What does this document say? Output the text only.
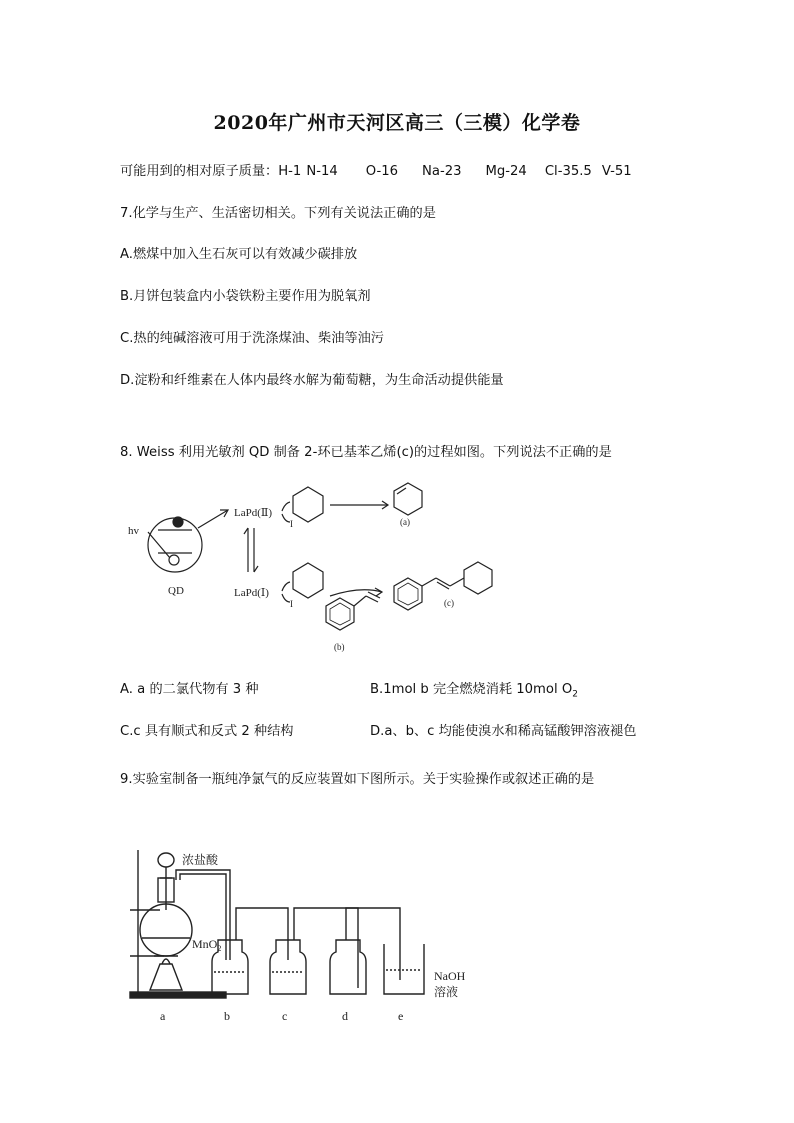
2020年广州市天河区高三（三模）化学卷
可能用到的相对原子质量：H-1 N-14 O-16 Na-23 Mg-24 Cl-35.5 V-51
7.化学与生产、生活密切相关。下列有关说法正确的是
A.燃煤中加入生石灰可以有效减少碳排放
B.月饼包装盒内小袋铁粉主要作用为脱氧剂
C.热的纯碱溶液可用于洗涤煤油、柴油等油污
D.淀粉和纤维素在人体内最终水解为葡萄糖，为生命活动提供能量
8. Weiss 利用光敏剂 QD 制备 2-环已基苯乙烯(c)的过程如图。下列说法不正确的是
hv
QD
LaPd(Ⅱ)
LaPd(Ⅰ)
I
I
(a)
(b)
(c)
A. a 的二氯代物有 3 种	B.1mol b 完全燃烧消耗 10mol $O_2$
C.c 具有顺式和反式 2 种结构	D.a、b、c 均能使溴水和稀高锰酸钾溶液褪色
9.实验室制备一瓶纯净氯气的反应装置如下图所示。关于实验操作或叙述正确的是
浓盐酸
MnO$_2$
NaOH
溶液
a	b	c	d	e
